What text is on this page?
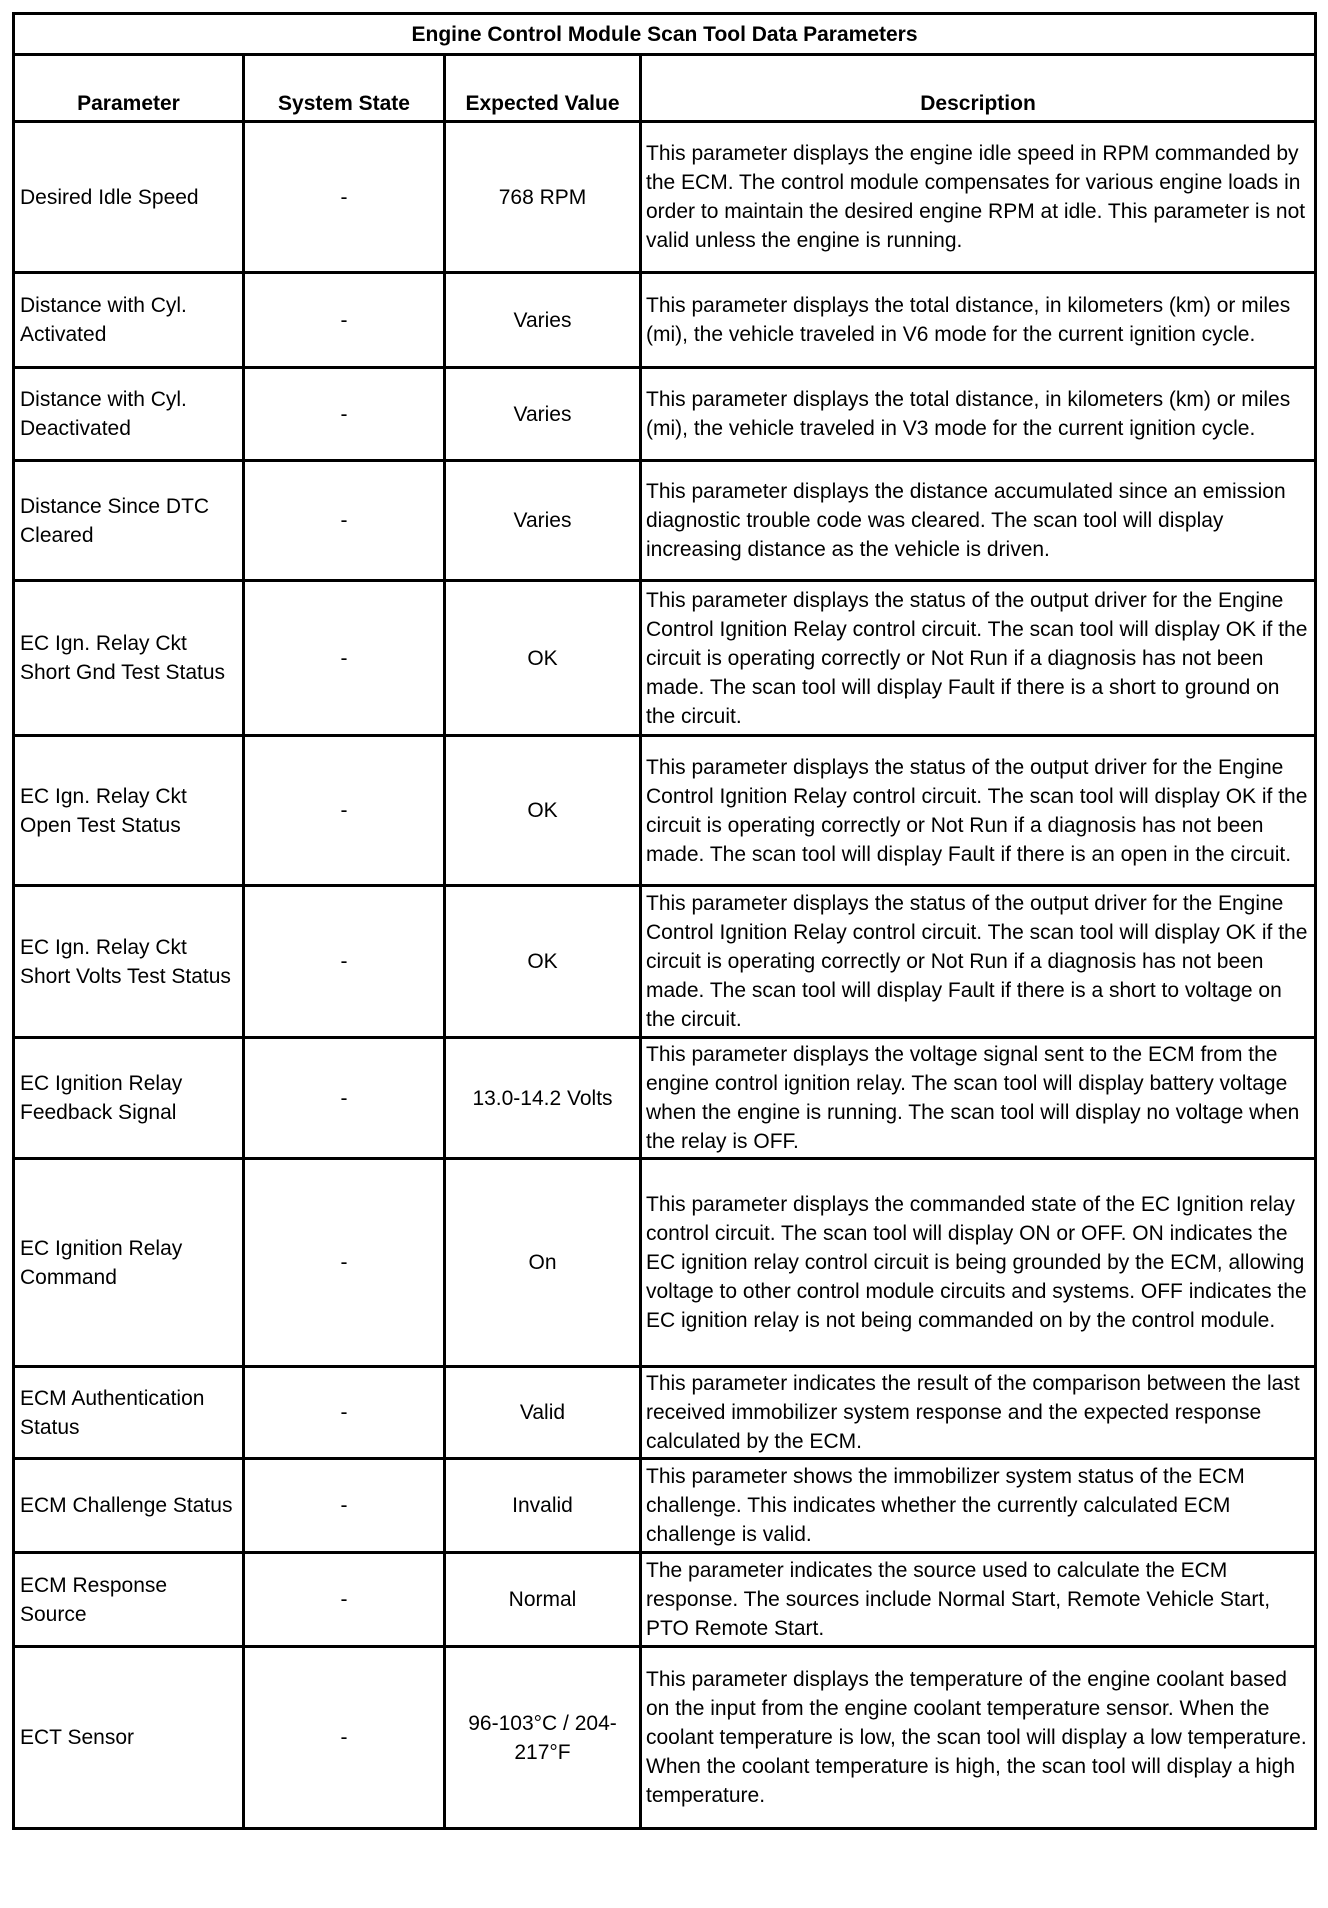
Engine Control Module Scan Tool Data Parameters			
Parameter	System State	Expected Value	Description
Desired Idle Speed	-	768 RPM	This parameter displays the engine idle speed in RPM commanded by the ECM. The control module compensates for various engine loads in order to maintain the desired engine RPM at idle. This parameter is not valid unless the engine is running.
Distance with Cyl. Activated	-	Varies	This parameter displays the total distance, in kilometers (km) or miles (mi), the vehicle traveled in V6 mode for the current ignition cycle.
Distance with Cyl. Deactivated	-	Varies	This parameter displays the total distance, in kilometers (km) or miles (mi), the vehicle traveled in V3 mode for the current ignition cycle.
Distance Since DTC Cleared	-	Varies	This parameter displays the distance accumulated since an emission diagnostic trouble code was cleared. The scan tool will display increasing distance as the vehicle is driven.
EC Ign. Relay Ckt Short Gnd Test Status	-	OK	This parameter displays the status of the output driver for the Engine Control Ignition Relay control circuit. The scan tool will display OK if the circuit is operating correctly or Not Run if a diagnosis has not been made. The scan tool will display Fault if there is a short to ground on the circuit.
EC Ign. Relay Ckt Open Test Status	-	OK	This parameter displays the status of the output driver for the Engine Control Ignition Relay control circuit. The scan tool will display OK if the circuit is operating correctly or Not Run if a diagnosis has not been made. The scan tool will display Fault if there is an open in the circuit.
EC Ign. Relay Ckt Short Volts Test Status	-	OK	This parameter displays the status of the output driver for the Engine Control Ignition Relay control circuit. The scan tool will display OK if the circuit is operating correctly or Not Run if a diagnosis has not been made. The scan tool will display Fault if there is a short to voltage on the circuit.
EC Ignition Relay Feedback Signal	-	13.0-14.2 Volts	This parameter displays the voltage signal sent to the ECM from the engine control ignition relay. The scan tool will display battery voltage when the engine is running. The scan tool will display no voltage when the relay is OFF.
EC Ignition Relay Command	-	On	This parameter displays the commanded state of the EC Ignition relay control circuit. The scan tool will display ON or OFF. ON indicates the EC ignition relay control circuit is being grounded by the ECM, allowing voltage to other control module circuits and systems. OFF indicates the EC ignition relay is not being commanded on by the control module.
ECM Authentication Status	-	Valid	This parameter indicates the result of the comparison between the last received immobilizer system response and the expected response calculated by the ECM.
ECM Challenge Status	-	Invalid	This parameter shows the immobilizer system status of the ECM challenge. This indicates whether the currently calculated ECM challenge is valid.
ECM Response Source	-	Normal	The parameter indicates the source used to calculate the ECM response. The sources include Normal Start, Remote Vehicle Start, PTO Remote Start.
ECT Sensor	-	96-103°C / 204-217°F	This parameter displays the temperature of the engine coolant based on the input from the engine coolant temperature sensor. When the coolant temperature is low, the scan tool will display a low temperature. When the coolant temperature is high, the scan tool will display a high temperature.
